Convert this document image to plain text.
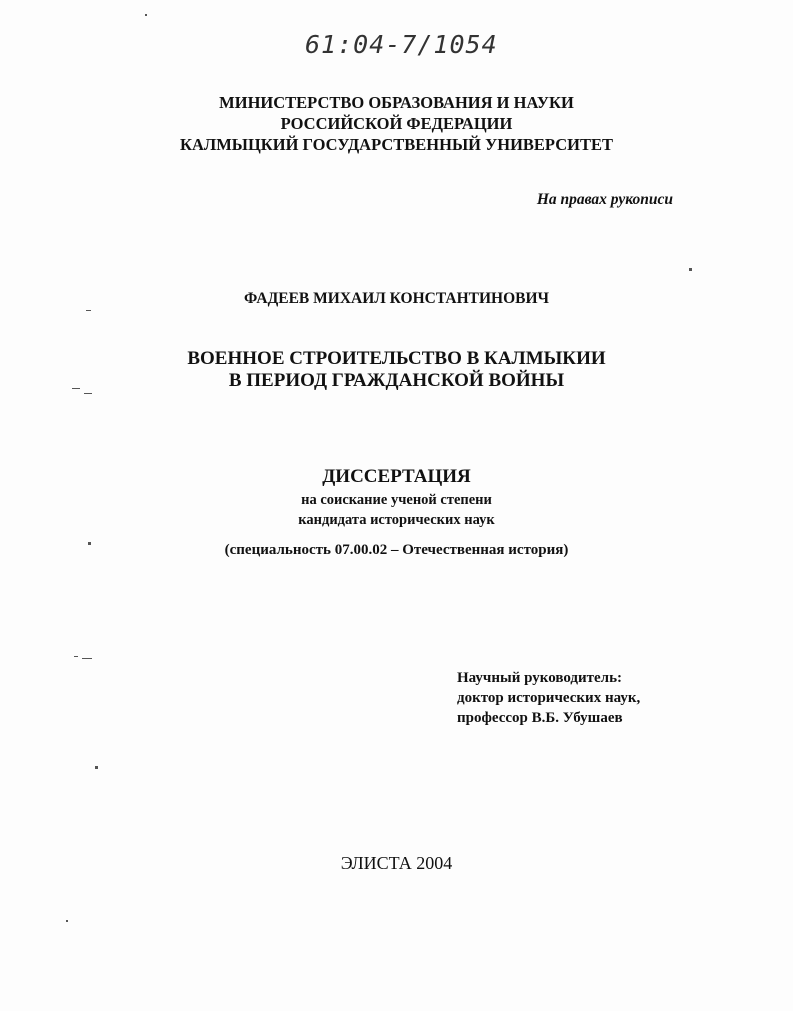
61:04-7/1054
МИНИСТЕРСТВО ОБРАЗОВАНИЯ И НАУКИ
РОССИЙСКОЙ ФЕДЕРАЦИИ
КАЛМЫЦКИЙ ГОСУДАРСТВЕННЫЙ УНИВЕРСИТЕТ
На правах рукописи
ФАДЕЕВ МИХАИЛ КОНСТАНТИНОВИЧ
ВОЕННОЕ СТРОИТЕЛЬСТВО В КАЛМЫКИИ
В ПЕРИОД ГРАЖДАНСКОЙ ВОЙНЫ
ДИССЕРТАЦИЯ
на соискание ученой степени
кандидата исторических наук
(специальность 07.00.02 – Отечественная история)
Научный руководитель:
доктор исторических наук,
профессор В.Б. Убушаев
ЭЛИСТА 2004
